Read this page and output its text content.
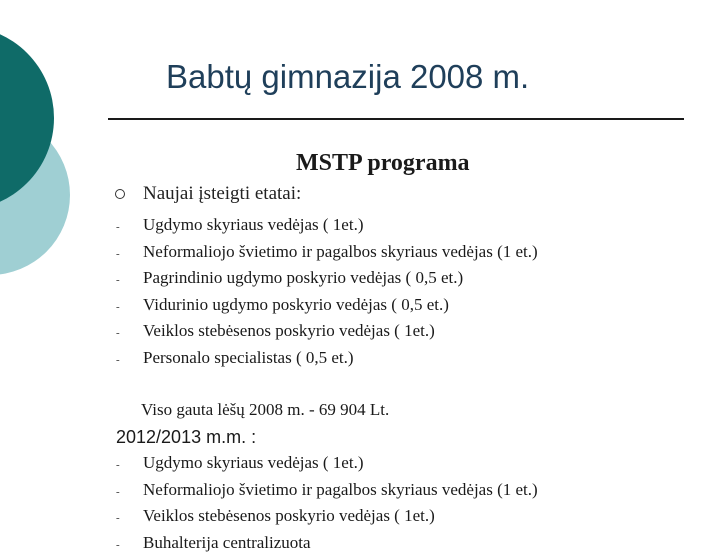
Babtų gimnazija 2008 m.
MSTP programa
Naujai įsteigti etatai:
- Ugdymo skyriaus vedėjas ( 1et.)
- Neformaliojo švietimo ir pagalbos skyriaus vedėjas (1 et.)
- Pagrindinio ugdymo poskyrio vedėjas ( 0,5 et.)
- Vidurinio ugdymo poskyrio vedėjas ( 0,5 et.)
- Veiklos stebėsenos poskyrio vedėjas ( 1et.)
- Personalo specialistas ( 0,5 et.)
Viso gauta lėšų 2008 m. - 69 904 Lt.
2012/2013 m.m. :
- Ugdymo skyriaus vedėjas ( 1et.)
- Neformaliojo švietimo ir pagalbos skyriaus vedėjas (1 et.)
- Veiklos stebėsenos poskyrio vedėjas ( 1et.)
- Buhalterija centralizuota
